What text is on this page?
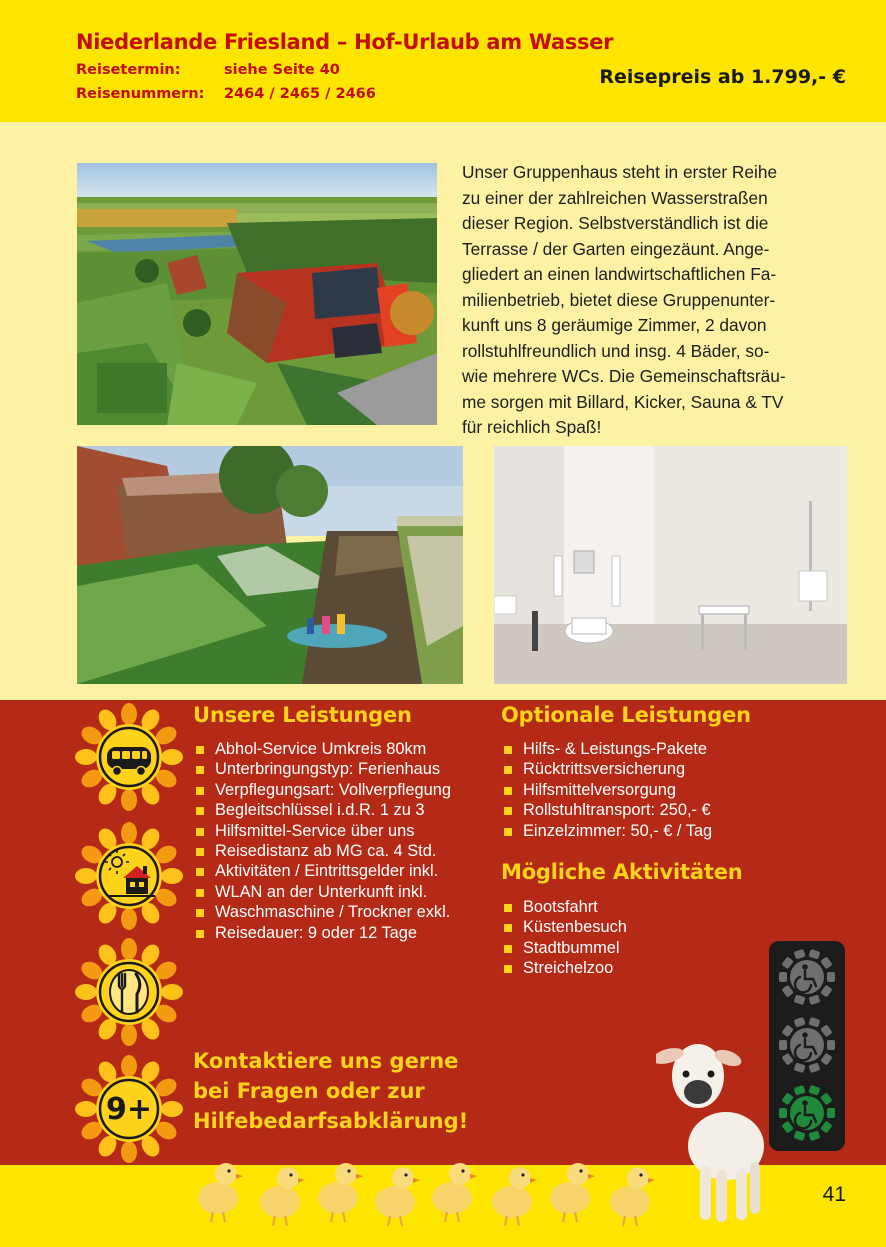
Niederlande Friesland – Hof-Urlaub am Wasser
Reisetermin:	siehe Seite 40
Reisenummern: 2464 / 2465 / 2466
Reisepreis ab 1.799,- €
Unser Gruppenhaus steht in erster Reihe
zu einer der zahlreichen Wasserstraßen
dieser Region. Selbstverständlich ist die
Terrasse / der Garten eingezäunt. Ange-
gliedert an einen landwirtschaftlichen Fa-
milienbetrieb, bietet diese Gruppenunter-
kunft uns 8 geräumige Zimmer, 2 davon
rollstuhlfreundlich und insg. 4 Bäder, so-
wie mehrere WCs. Die Gemeinschaftsräu-
me sorgen mit Billard, Kicker, Sauna & TV
für reichlich Spaß!
Unsere Leistungen
Abhol-Service Umkreis 80km
Unterbringungstyp: Ferienhaus
Verpflegungsart: Vollverpflegung
Begleitschlüssel i.d.R. 1 zu 3
Hilfsmittel-Service über uns
Reisedistanz ab MG ca. 4 Std.
Aktivitäten / Eintrittsgelder inkl.
WLAN an der Unterkunft inkl.
Waschmaschine / Trockner exkl.
Reisedauer: 9 oder 12 Tage
Optionale Leistungen
Hilfs- & Leistungs-Pakete
Rücktrittsversicherung
Hilfsmittelversorgung
Rollstuhltransport: 250,- €
Einzelzimmer: 50,- € / Tag
Mögliche Aktivitäten
Bootsfahrt
Küstenbesuch
Stadtbummel
Streichelzoo
Kontaktiere uns gerne
bei Fragen oder zur
Hilfebedarfsabklärung!
9+
41
